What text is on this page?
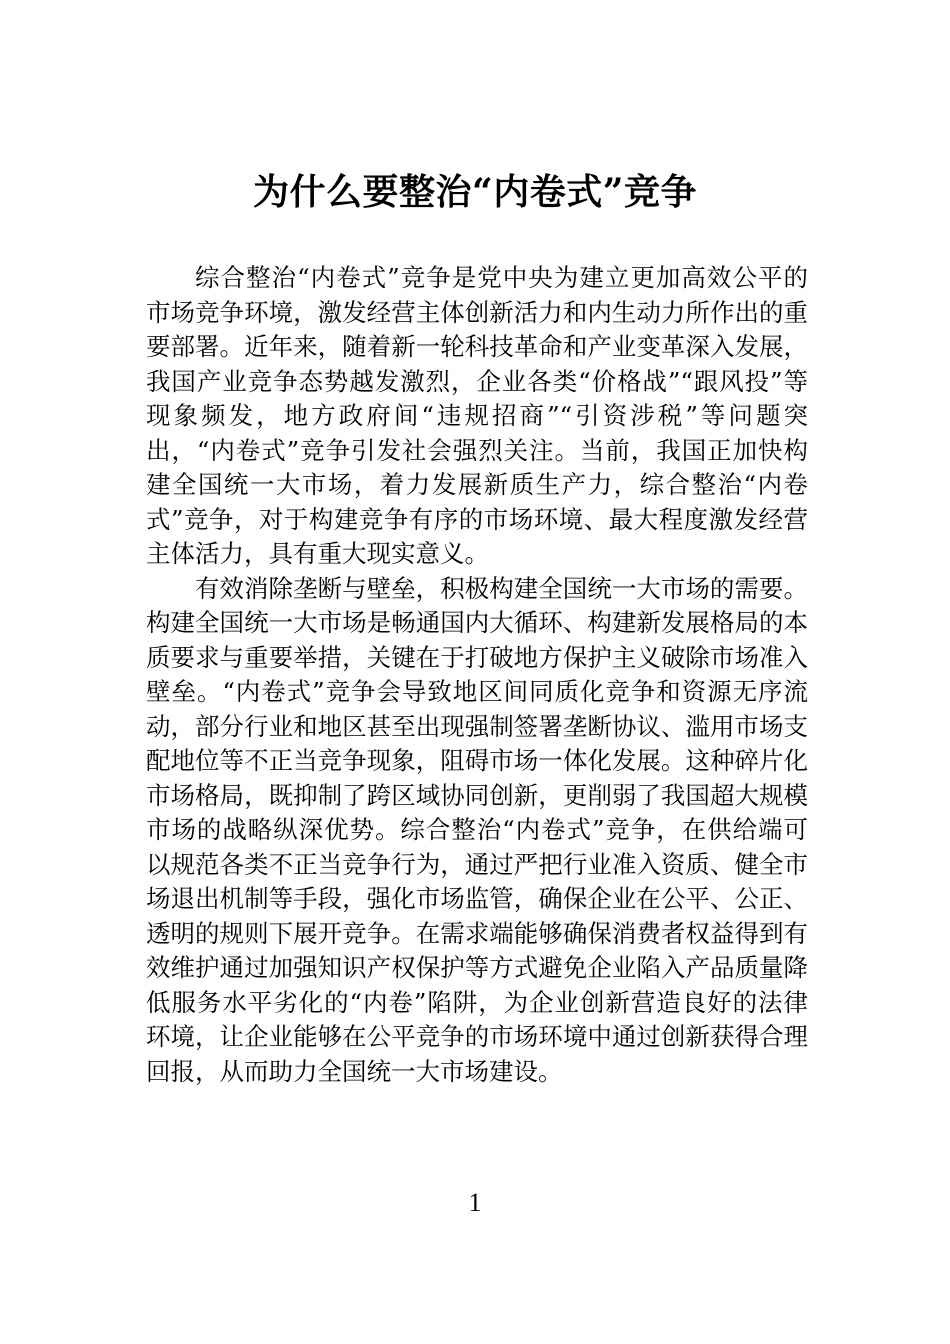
为什么要整治“内卷式”竞争

综合整治“内卷式”竞争是党中央为建立更加高效公平的市场竞争环境，激发经营主体创新活力和内生动力所作出的重要部署。近年来，随着新一轮科技革命和产业变革深入发展，我国产业竞争态势越发激烈，企业各类“价格战”“跟风投”等现象频发，地方政府间“违规招商”“引资涉税”等问题突出，“内卷式”竞争引发社会强烈关注。当前，我国正加快构建全国统一大市场，着力发展新质生产力，综合整治“内卷式”竞争，对于构建竞争有序的市场环境、最大程度激发经营主体活力，具有重大现实意义。

有效消除垄断与壁垒，积极构建全国统一大市场的需要。构建全国统一大市场是畅通国内大循环、构建新发展格局的本质要求与重要举措，关键在于打破地方保护主义破除市场准入壁垒。“内卷式”竞争会导致地区间同质化竞争和资源无序流动，部分行业和地区甚至出现强制签署垄断协议、滥用市场支配地位等不正当竞争现象，阻碍市场一体化发展。这种碎片化市场格局，既抑制了跨区域协同创新，更削弱了我国超大规模市场的战略纵深优势。综合整治“内卷式”竞争，在供给端可以规范各类不正当竞争行为，通过严把行业准入资质、健全市场退出机制等手段，强化市场监管，确保企业在公平、公正、透明的规则下展开竞争。在需求端能够确保消费者权益得到有效维护通过加强知识产权保护等方式避免企业陷入产品质量降低服务水平劣化的“内卷”陷阱，为企业创新营造良好的法律环境，让企业能够在公平竞争的市场环境中通过创新获得合理回报，从而助力全国统一大市场建设。

1
